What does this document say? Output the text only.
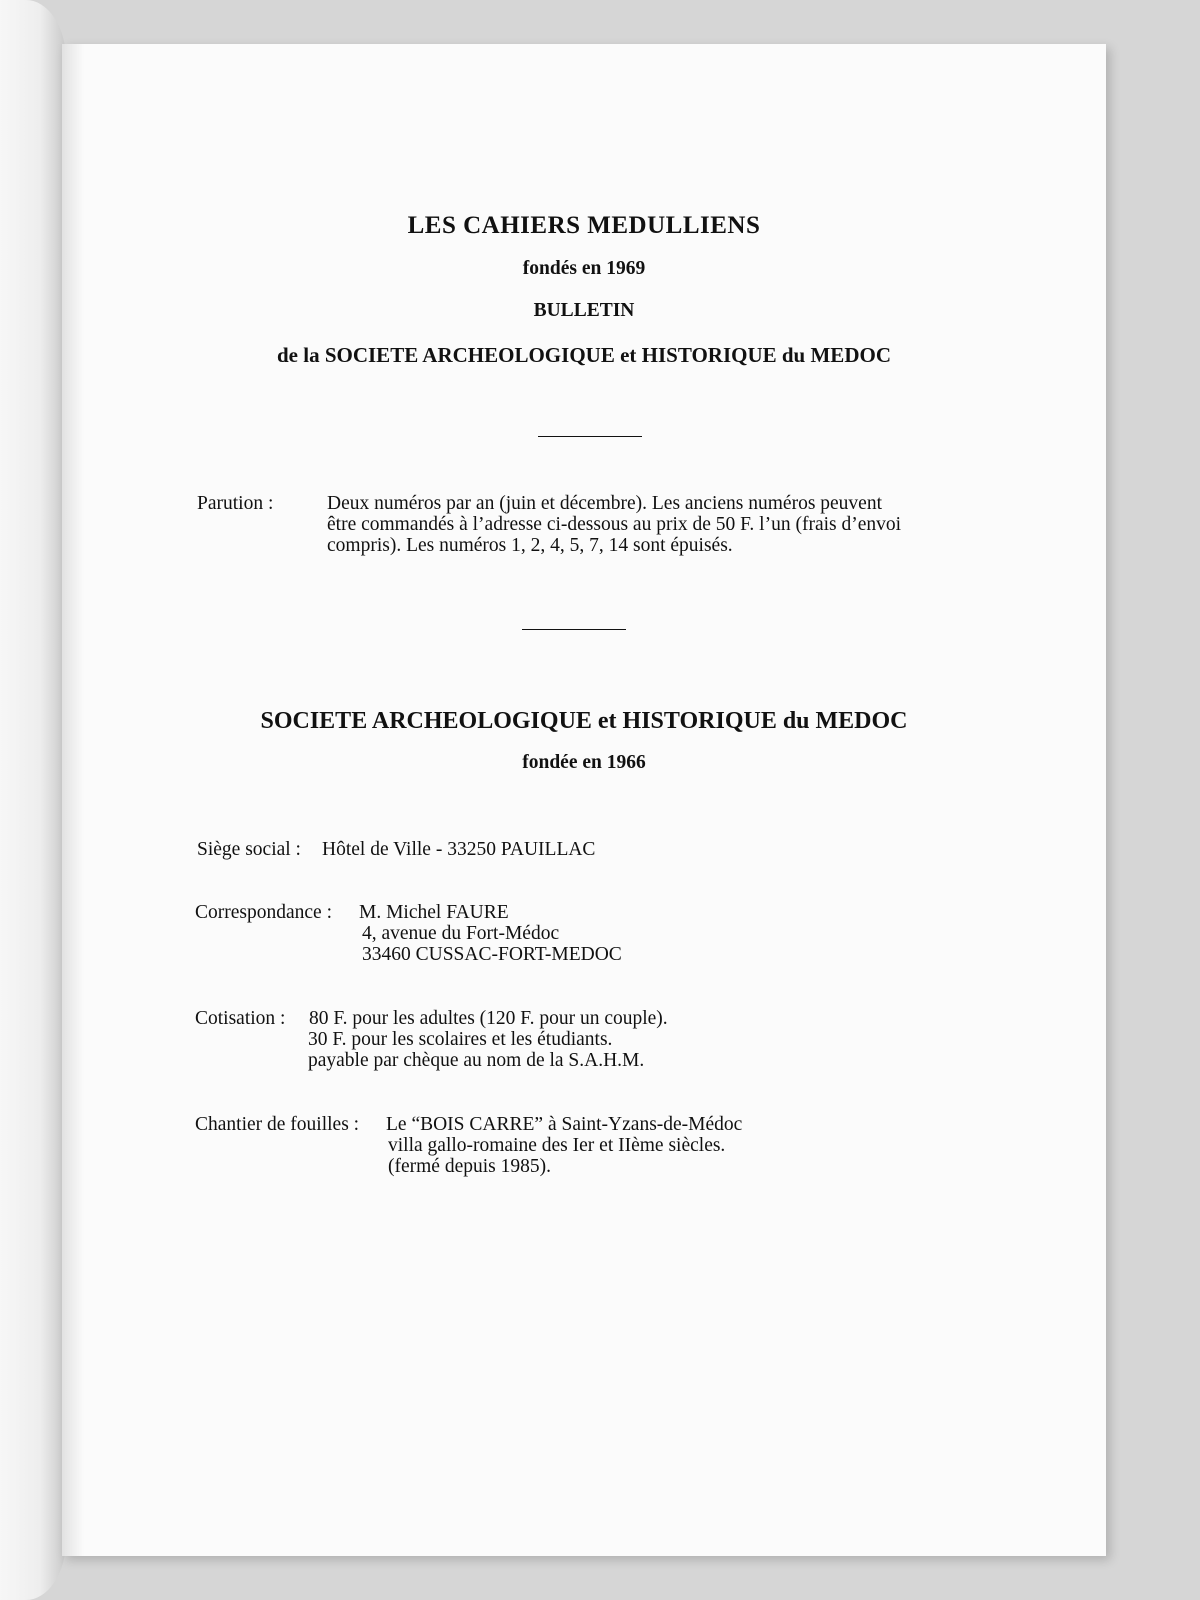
LES CAHIERS MEDULLIENS
fondés en 1969
BULLETIN
de la SOCIETE ARCHEOLOGIQUE et HISTORIQUE du MEDOC
Parution :	Deux numéros par an (juin et décembre). Les anciens numéros peuvent
être commandés à l’adresse ci-dessous au prix de 50 F. l’un (frais d’envoi
compris). Les numéros 1, 2, 4, 5, 7, 14 sont épuisés.
SOCIETE ARCHEOLOGIQUE et HISTORIQUE du MEDOC
fondée en 1966
Siège social : Hôtel de Ville - 33250 PAUILLAC
Correspondance : M. Michel FAURE
4, avenue du Fort-Médoc
33460 CUSSAC-FORT-MEDOC
Cotisation : 80 F. pour les adultes (120 F. pour un couple).
30 F. pour les scolaires et les étudiants.
payable par chèque au nom de la S.A.H.M.
Chantier de fouilles : Le “BOIS CARRE” à Saint-Yzans-de-Médoc
villa gallo-romaine des Ier et IIème siècles.
(fermé depuis 1985).
